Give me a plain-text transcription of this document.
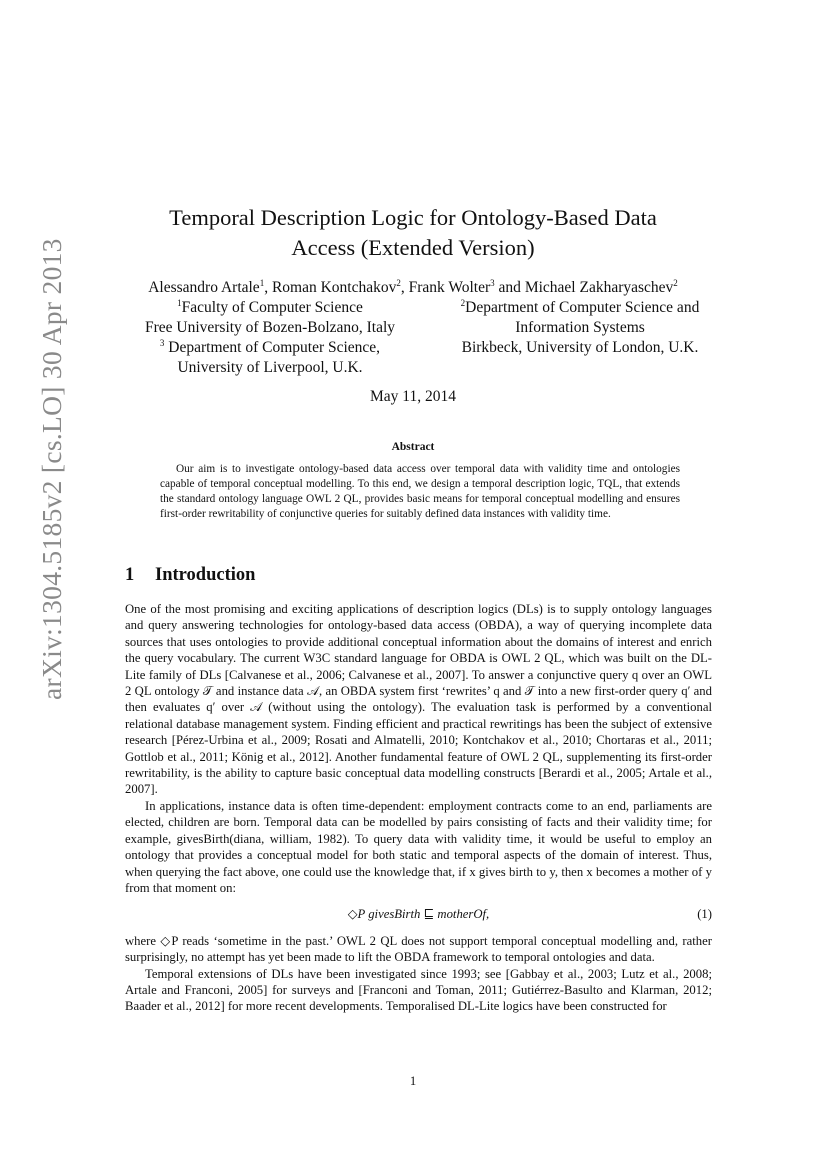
arXiv:1304.5185v2 [cs.LO] 30 Apr 2013
Temporal Description Logic for Ontology-Based Data
Access (Extended Version)
Alessandro Artale$^1$, Roman Kontchakov$^2$, Frank Wolter$^3$ and Michael Zakharyaschev$^2$
$^1$Faculty of Computer Science
Free University of Bozen-Bolzano, Italy
$^3$ Department of Computer Science,
University of Liverpool, U.K.
$^2$Department of Computer Science and
Information Systems
Birkbeck, University of London, U.K.
May 11, 2014
Abstract

Our aim is to investigate ontology-based data access over temporal data with validity time and ontologies capable of temporal conceptual modelling. To this end, we design a temporal description logic, TQL, that extends the standard ontology language OWL 2 QL, provides basic means for temporal conceptual modelling and ensures first-order rewritability of conjunctive queries for suitably defined data instances with validity time.

1 Introduction

One of the most promising and exciting applications of description logics (DLs) is to supply ontology languages and query answering technologies for ontology-based data access (OBDA), a way of querying incomplete data sources that uses ontologies to provide additional conceptual information about the domains of interest and enrich the query vocabulary. The current W3C standard language for OBDA is OWL 2 QL, which was built on the DL-Lite family of DLs [Calvanese et al., 2006; Calvanese et al., 2007]. To answer a conjunctive query q over an OWL 2 QL ontology 𝒯 and instance data 𝒜, an OBDA system first ‘rewrites’ q and 𝒯 into a new first-order query q′ and then evaluates q′ over 𝒜 (without using the ontology). The evaluation task is performed by a conventional relational database management system. Finding efficient and practical rewritings has been the subject of extensive research [Pérez-Urbina et al., 2009; Rosati and Almatelli, 2010; Kontchakov et al., 2010; Chortaras et al., 2011; Gottlob et al., 2011; König et al., 2012]. Another fundamental feature of OWL 2 QL, supplementing its first-order rewritability, is the ability to capture basic conceptual data modelling constructs [Berardi et al., 2005; Artale et al., 2007].

In applications, instance data is often time-dependent: employment contracts come to an end, parliaments are elected, children are born. Temporal data can be modelled by pairs consisting of facts and their validity time; for example, givesBirth(diana, william, 1982). To query data with validity time, it would be useful to employ an ontology that provides a conceptual model for both static and temporal aspects of the domain of interest. Thus, when querying the fact above, one could use the knowledge that, if x gives birth to y, then x becomes a mother of y from that moment on:

◇P givesBirth ⊑ motherOf,	(1)

where ◇P reads ‘sometime in the past.’ OWL 2 QL does not support temporal conceptual modelling and, rather surprisingly, no attempt has yet been made to lift the OBDA framework to temporal ontologies and data.

Temporal extensions of DLs have been investigated since 1993; see [Gabbay et al., 2003; Lutz et al., 2008; Artale and Franconi, 2005] for surveys and [Franconi and Toman, 2011; Gutiérrez-Basulto and Klarman, 2012; Baader et al., 2012] for more recent developments. Temporalised DL-Lite logics have been constructed for

1
